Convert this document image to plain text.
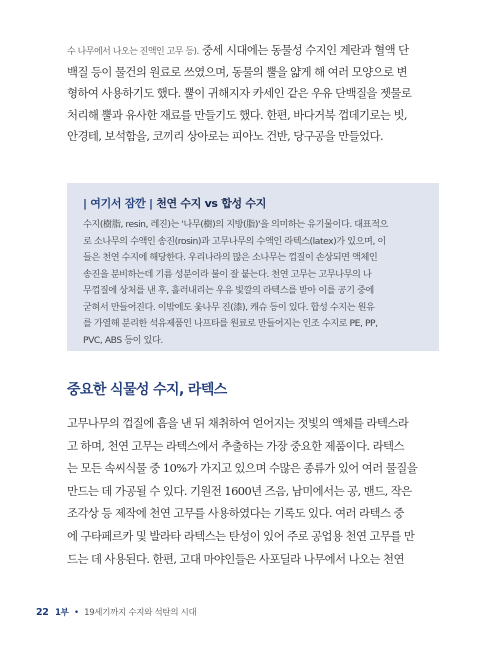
수 나무에서 나오는 진액인 고무 등). 중세 시대에는 동물성 수지인 계란과 혈액 단
백질 등이 물건의 원료로 쓰였으며, 동물의 뿔을 얇게 해 여러 모양으로 변
형하여 사용하기도 했다. 뿔이 귀해지자 카세인 같은 우유 단백질을 젯물로
처리해 뿔과 유사한 재료를 만들기도 했다. 한편, 바다거북 껍데기로는 빗,
안경테, 보석함을, 코끼리 상아로는 피아노 건반, 당구공을 만들었다.
| 여기서 잠깐 | 천연 수지 vs 합성 수지
수지(樹脂, resin, 레진)는 '나무(樹)의 지방(脂)'을 의미하는 유기물이다. 대표적으
로 소나무의 수액인 송진(rosin)과 고무나무의 수액인 라텍스(latex)가 있으며, 이
들은 천연 수지에 해당한다. 우리나라의 많은 소나무는 껍질이 손상되면 액체인
송진을 분비하는데 기름 성분이라 불이 잘 붙는다. 천연 고무는 고무나무의 나
무껍질에 상처를 낸 후, 흘러내리는 우유 빛깔의 라텍스를 받아 이를 공기 중에
굳혀서 만들어진다. 이밖에도 옻나무 진(漆), 캐슈 등이 있다. 합성 수지는 원유
를 가열해 분리한 석유제품인 나프타를 원료로 만들어지는 인조 수지로 PE, PP,
PVC, ABS 등이 있다.
중요한 식물성 수지, 라텍스
고무나무의 껍질에 흠을 낸 뒤 채취하여 얻어지는 젓빛의 액체를 라텍스라
고 하며, 천연 고무는 라텍스에서 추출하는 가장 중요한 제품이다. 라텍스
는 모든 속씨식물 중 10%가 가지고 있으며 수많은 종류가 있어 여러 물질을
만드는 데 가공될 수 있다. 기원전 1600년 즈음, 남미에서는 공, 밴드, 작은
조각상 등 제작에 천연 고무를 사용하였다는 기록도 있다. 여러 라텍스 중
에 구타페르카 및 발라타 라텍스는 탄성이 있어 주로 공업용 천연 고무를 만
드는 데 사용된다. 한편, 고대 마야인들은 사포딜라 나무에서 나오는 천연
22 1부 • 19세기까지 수지와 석탄의 시대
